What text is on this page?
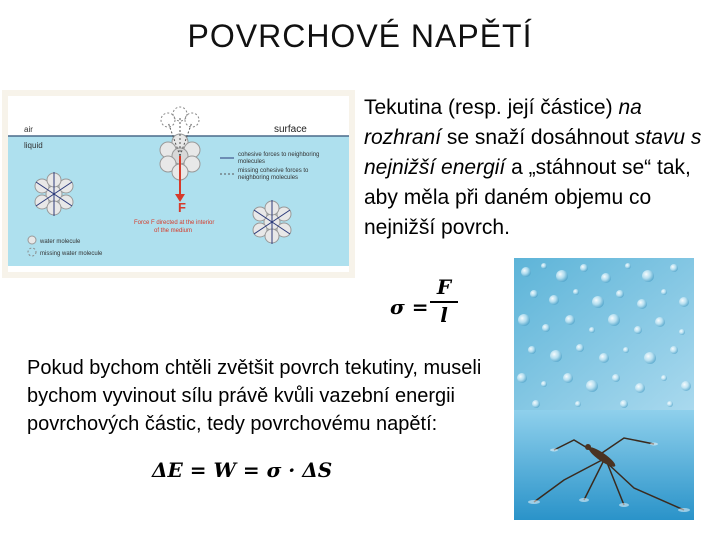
POVRCHOVÉ NAPĚTÍ
air
liquid
surface
F
Force F directed at the interior
of the medium
cohesive forces to neighboring
molecules
missing cohesive forces to
neighboring molecules
water molecule
missing water molecule
Tekutina (resp. její částice) na rozhraní se snaží dosáhnout stavu s nejnižší energií a „stáhnout se“ tak, aby měla při daném objemu co nejnižší povrch.
σ =
F
l
Pokud bychom chtěli zvětšit povrch tekutiny, museli bychom vyvinout sílu právě kvůli vazební energii povrchových částic, tedy povrchovému napětí:
ΔE = W = σ · ΔS
